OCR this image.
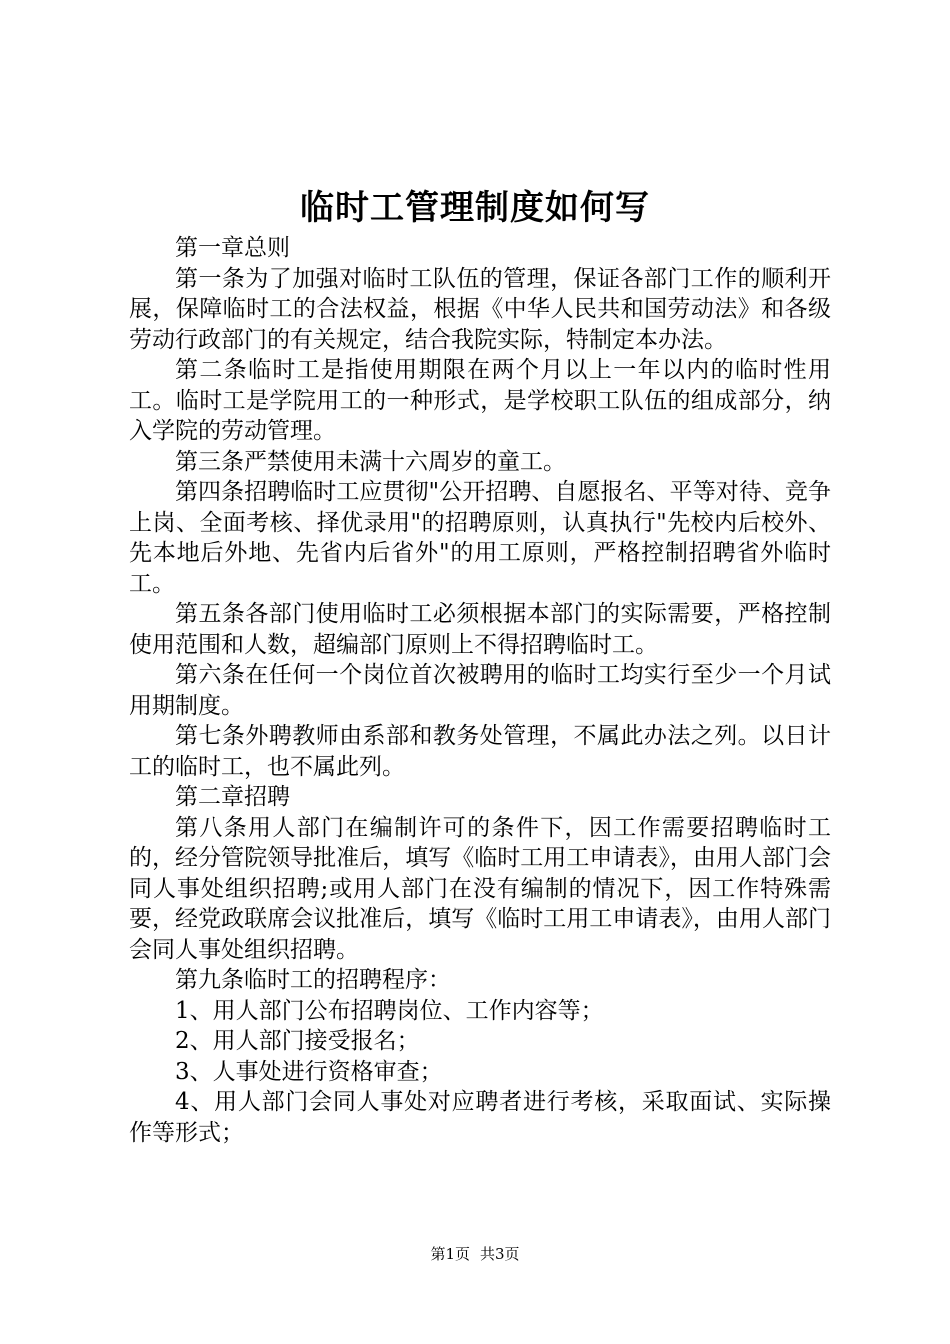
临时工管理制度如何写

第一章总则

第一条为了加强对临时工队伍的管理，保证各部门工作的顺利开展，保障临时工的合法权益，根据《中华人民共和国劳动法》和各级劳动行政部门的有关规定，结合我院实际，特制定本办法。

第二条临时工是指使用期限在两个月以上一年以内的临时性用工。临时工是学院用工的一种形式，是学校职工队伍的组成部分，纳入学院的劳动管理。

第三条严禁使用未满十六周岁的童工。

第四条招聘临时工应贯彻"公开招聘、自愿报名、平等对待、竞争上岗、全面考核、择优录用"的招聘原则，认真执行"先校内后校外、先本地后外地、先省内后省外"的用工原则，严格控制招聘省外临时工。

第五条各部门使用临时工必须根据本部门的实际需要，严格控制使用范围和人数，超编部门原则上不得招聘临时工。

第六条在任何一个岗位首次被聘用的临时工均实行至少一个月试用期制度。

第七条外聘教师由系部和教务处管理，不属此办法之列。以日计工的临时工，也不属此列。

第二章招聘

第八条用人部门在编制许可的条件下，因工作需要招聘临时工的，经分管院领导批准后，填写《临时工用工申请表》，由用人部门会同人事处组织招聘;或用人部门在没有编制的情况下，因工作特殊需要，经党政联席会议批准后，填写《临时工用工申请表》，由用人部门会同人事处组织招聘。

第九条临时工的招聘程序：

1、用人部门公布招聘岗位、工作内容等；

2、用人部门接受报名；

3、人事处进行资格审查；

4、用人部门会同人事处对应聘者进行考核，采取面试、实际操作等形式；

第1页 共3页
